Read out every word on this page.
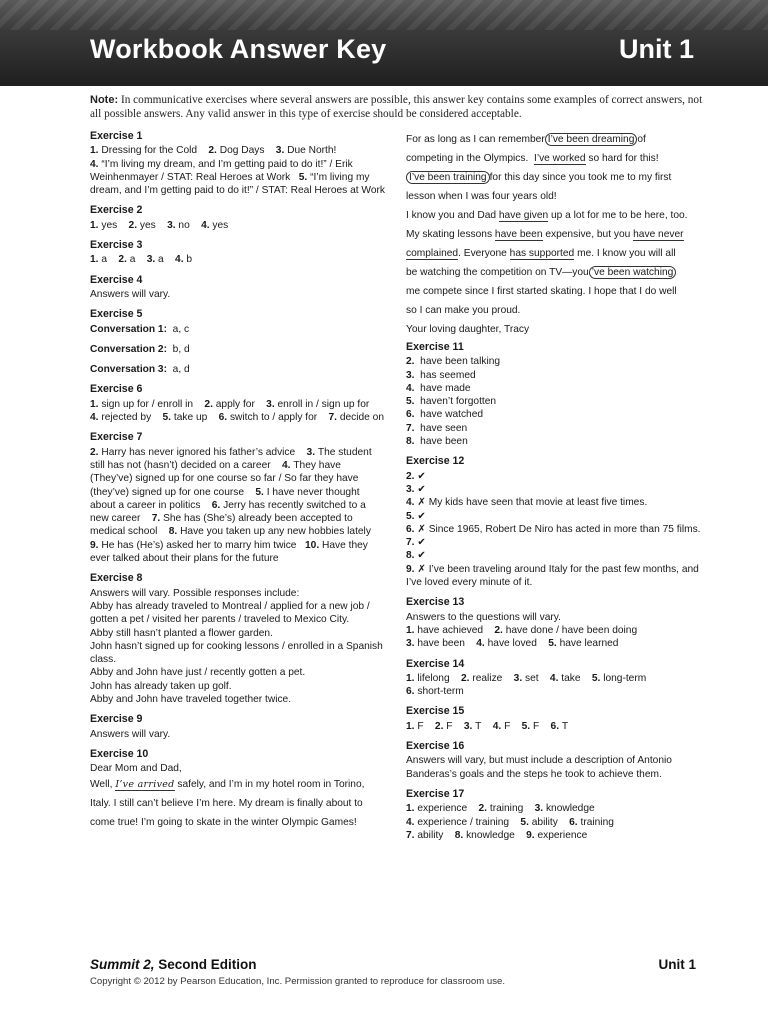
Workbook Answer Key	Unit 1
Note: In communicative exercises where several answers are possible, this answer key contains some examples of correct answers, not all possible answers. Any valid answer in this type of exercise should be considered acceptable.
Exercise 1
1. Dressing for the Cold 2. Dog Days 3. Due North!
4. “I’m living my dream, and I’m getting paid to do it!” / Erik Weinhenmayer / STAT: Real Heroes at Work 5. “I’m living my dream, and I’m getting paid to do it!” / STAT: Real Heroes at Work
Exercise 2
1. yes 2. yes 3. no 4. yes
Exercise 3
1. a 2. a 3. a 4. b
Exercise 4
Answers will vary.
Exercise 5
Conversation 1: a, c
Conversation 2: b, d
Conversation 3: a, d
Exercise 6
1. sign up for / enroll in 2. apply for 3. enroll in / sign up for    4. rejected by 5. take up 6. switch to / apply for 7. decide on
Exercise 7
2. Harry has never ignored his father’s advice 3. The student still has not (hasn’t) decided on a career 4. They have (They’ve) signed up for one course so far / So far they have (they’ve) signed up for one course 5. I have never thought about a career in politics 6. Jerry has recently switched to a new career 7. She has (She’s) already been accepted to medical school 8. Have you taken up any new hobbies lately    9. He has (He’s) asked her to marry him twice 10. Have they ever talked about their plans for the future
Exercise 8
Answers will vary. Possible responses include:
Abby has already traveled to Montreal / applied for a new job / gotten a pet / visited her parents / traveled to Mexico City.
Abby still hasn’t planted a flower garden.
John hasn’t signed up for cooking lessons / enrolled in a Spanish class.
Abby and John have just / recently gotten a pet.
John has already taken up golf.
Abby and John have traveled together twice.
Exercise 9
Answers will vary.
Exercise 10
Dear Mom and Dad,
Well, I’ve arrived safely, and I’m in my hotel room in Torino,
Italy. I still can’t believe I’m here. My dream is finally about to
come true! I’m going to skate in the winter Olympic Games!
For as long as I can remember I’ve been dreaming of
competing in the Olympics. I’ve worked so hard for this!
I’ve been training for this day since you took me to my first
lesson when I was four years old!
I know you and Dad have given up a lot for me to be here, too.
My skating lessons have been expensive, but you have never
complained. Everyone has supported me. I know you will all
be watching the competition on TV—you ’ve been watching
me compete since I first started skating. I hope that I do well
so I can make you proud.
Your loving daughter, Tracy
Exercise 11
2. have been talking
3. has seemed
4. have made
5. haven’t forgotten
6. have watched
7. have seen
8. have been
Exercise 12
2. ✔
3. ✔
4. ✗ My kids have seen that movie at least five times.
5. ✔
6. ✗ Since 1965, Robert De Niro has acted in more than 75 films.
7. ✔
8. ✔
9. ✗ I’ve been traveling around Italy for the past few months, and I’ve loved every minute of it.
Exercise 13
Answers to the questions will vary.
1. have achieved 2. have done / have been doing
3. have been 4. have loved 5. have learned
Exercise 14
1. lifelong 2. realize 3. set 4. take 5. long-term
6. short-term
Exercise 15
1. F 2. F 3. T 4. F 5. F 6. T
Exercise 16
Answers will vary, but must include a description of Antonio Banderas’s goals and the steps he took to achieve them.
Exercise 17
1. experience 2. training 3. knowledge
4. experience / training 5. ability 6. training
7. ability 8. knowledge 9. experience
Summit 2, Second Edition	Unit 1
Copyright © 2012 by Pearson Education, Inc. Permission granted to reproduce for classroom use.
